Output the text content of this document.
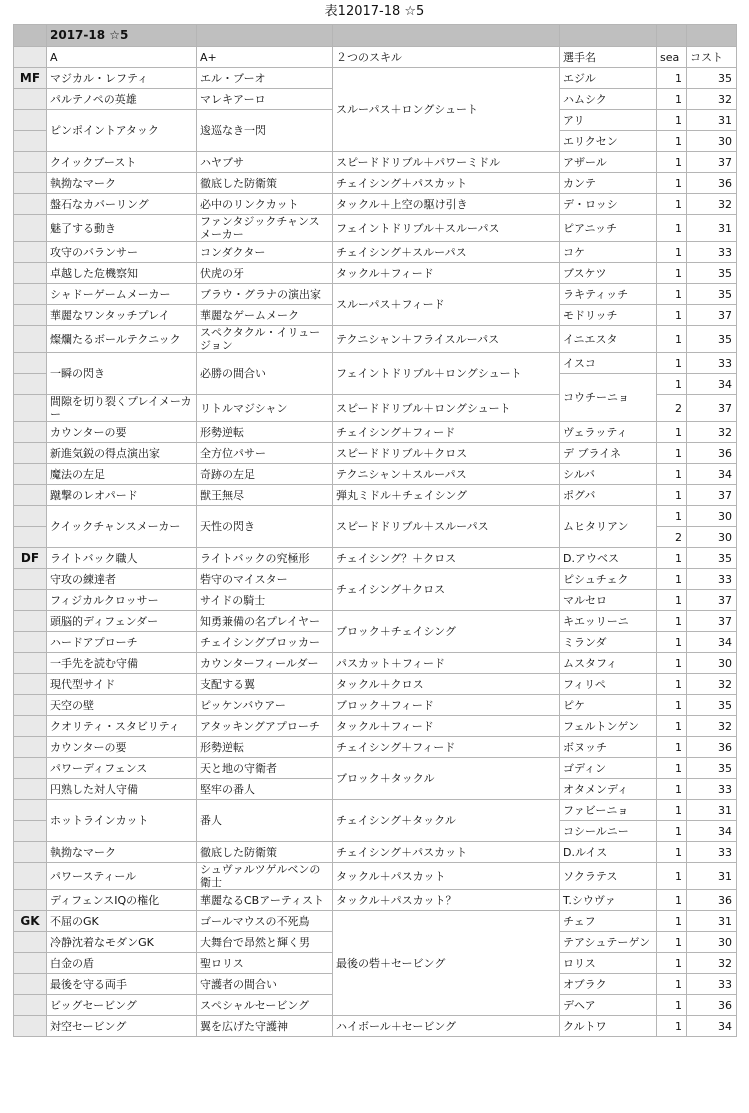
表12017-18 ☆5
	2017-18 ☆5					
	A	A+	２つのスキル	選手名	sea	コスト
MF	マジカル・レフティ	エル・ブーオ	スルーパス＋ロングシュート	エジル	1	35
	パルテノペの英雄	マレキアーロ		ハムシク	1	32
	ピンポイントアタック	逡巡なき一閃		アリ	1	31
				エリクセン	1	30
	クイックブースト	ハヤブサ	スピードドリブル＋パワーミドル	アザール	1	37
	執拗なマーク	徹底した防衛策	チェイシング＋パスカット	カンテ	1	36
	盤石なカバーリング	必中のリンクカット	タックル＋上空の駆け引き	デ・ロッシ	1	32
	魅了する動き	ファンタジックチャンスメーカー	フェイントドリブル＋スルーパス	ピアニッチ	1	31
	攻守のバランサー	コンダクター	チェイシング＋スルーパス	コケ	1	33
	卓越した危機察知	伏虎の牙	タックル＋フィード	ブスケツ	1	35
	シャドーゲームメーカー	ブラウ・グラナの演出家	スルーパス＋フィード	ラキティッチ	1	35
	華麗なワンタッチプレイ	華麗なゲームメーク		モドリッチ	1	37
	燦爛たるボールテクニック	スペクタクル・イリュージョン	テクニシャン＋フライスルーパス	イニエスタ	1	35
	一瞬の閃き	必勝の間合い	フェイントドリブル＋ロングシュート	イスコ	1	33
				コウチーニョ	1	34
	間隙を切り裂くプレイメーカー	リトルマジシャン	スピードドリブル＋ロングシュート		2	37
	カウンターの要	形勢逆転	チェイシング＋フィード	ヴェラッティ	1	32
	新進気鋭の得点演出家	全方位パサー	スピードドリブル＋クロス	デ ブライネ	1	36
	魔法の左足	奇跡の左足	テクニシャン＋スルーパス	シルバ	1	34
	蹴撃のレオパード	獣王無尽	弾丸ミドル＋チェイシング	ポグバ	1	37
	クイックチャンスメーカー	天性の閃き	スピードドリブル＋スルーパス	ムヒタリアン	1	30
					2	30
DF	ライトバック職人	ライトバックの究極形	チェイシング？＋クロス	D.アウベス	1	35
	守攻の練達者	砦守のマイスター	チェイシング＋クロス	ピシュチェク	1	33
	フィジカルクロッサー	サイドの騎士		マルセロ	1	37
	頭脳的ディフェンダー	知勇兼備の名プレイヤー	ブロック＋チェイシング	キエッリーニ	1	37
	ハードアプローチ	チェイシングブロッカー		ミランダ	1	34
	一手先を読む守備	カウンターフィールダー	パスカット＋フィード	ムスタフィ	1	30
	現代型サイド	支配する翼	タックル＋クロス	フィリペ	1	32
	天空の壁	ピッケンバウアー	ブロック＋フィード	ピケ	1	35
	クオリティ・スタビリティ	アタッキングアプローチ	タックル＋フィード	フェルトンゲン	1	32
	カウンターの要	形勢逆転	チェイシング＋フィード	ボヌッチ	1	36
	パワーディフェンス	天と地の守衛者	ブロック＋タックル	ゴディン	1	35
	円熟した対人守備	堅牢の番人		オタメンディ	1	33
	ホットラインカット	番人	チェイシング＋タックル	ファビーニョ	1	31
				コシールニー	1	34
	執拗なマーク	徹底した防衛策	チェイシング＋パスカット	D.ルイス	1	33
	パワースティール	シュヴァルツゲルベンの衛士	タックル＋パスカット	ソクラテス	1	31
	ディフェンスIQの権化	華麗なるCBアーティスト	タックル＋パスカット？	T.シウヴァ	1	36
GK	不屈のGK	ゴールマウスの不死鳥	最後の砦＋セービング	チェフ	1	31
	冷静沈着なモダンGK	大舞台で昂然と輝く男		テアシュテーゲン	1	30
	白金の盾	聖ロリス		ロリス	1	32
	最後を守る両手	守護者の間合い		オブラク	1	33
	ビッグセービング	スペシャルセービング		デヘア	1	36
	対空セービング	翼を広げた守護神	ハイボール＋セービング	クルトワ	1	34
